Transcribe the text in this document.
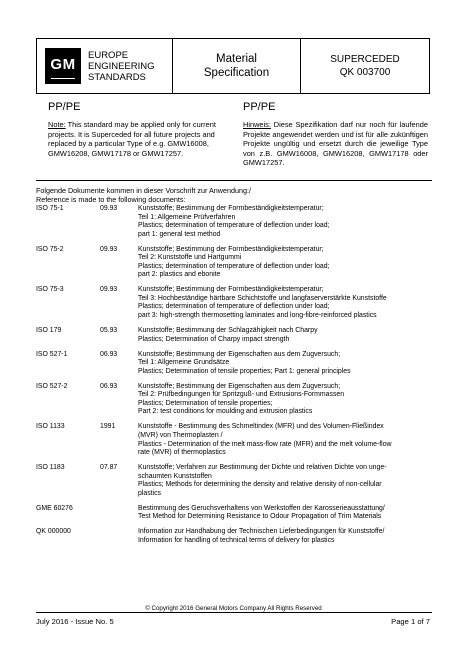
GM
EUROPE
ENGINEERING
STANDARDS
Material
Specification
SUPERCEDED
QK 003700
PP/PE	PP/PE
Note: This standard may be applied only for current projects. It is Superceded for all future projects and replaced by a particular Type of e.g. GMW16008, GMW16208, GMW17178 or GMW17257.
Hinweis: Diese Spezifikation darf nur noch für laufende Projekte angewendet werden und ist für alle zukünftigen Projekte ungültig und ersetzt durch die jeweilige Type von z.B. GMW16008, GMW16208, GMW17178 oder GMW17257.
Folgende Dokumente kommen in dieser Vorschrift zur Anwendung:/
Reference is made to the following documents:
ISO 75-1	09.93	Kunststoffe; Bestimmung der Formbeständigkeitstemperatur;
Teil 1: Allgemeine Prüfverfahren
Plastics; determination of temperature of deflection under load;
part 1: general test method
ISO 75-2	09.93	Kunststoffe; Bestimmung der Formbeständigkeitstemperatur;
Teil 2: Kunststoffe und Hartgummi
Plastics; determination of temperature of deflection under load;
part 2: plastics and ebonite
ISO 75-3	09.93	Kunststoffe; Bestimmung der Formbeständigkeitstemperatur;
Teil 3: Hochbeständige härtbare Schichtstoffe und langfaserverstärkte Kunststoffe
Plastics; determination of temperature of deflection under load;
part 3: high-strength thermosetting laminates and long-fibre-reinforced plastics
ISO 179	05.93	Kunststoffe; Bestimmung der Schlagzähigkeit nach Charpy
Plastics; Determination of Charpy impact strength
ISO 527-1	06.93	Kunststoffe; Bestimmung der Eigenschaften aus dem Zugversuch;
Teil 1: Allgemeine Grundsätze
Plastics; Determination of tensile properties; Part 1: general principles
ISO 527-2	06.93	Kunststoffe; Bestimmung der Eigenschaften aus dem Zugversuch;
Teil 2: Prüfbedingungen für Spritzguß- und Extrusions-Formmassen
Plastics; Determination of tensile properties;
Part 2: test conditions for moulding and extrusion plastics
ISO 1133	1991	Kunststoffe - Bestimmung des Schmeltindex (MFR) und des Volumen-Fließindex
(MVR) von Thermoplasten /
Plastics - Determination of the melt mass-flow rate (MFR) and the melt volume-flow
rate (MVR) of thermoplastics
ISO 1183	07.87	Kunststoffe; Verfahren zur Bestimmung der Dichte und relativen Dichte von unge-
schaumten Kunststoffen
Plastics; Methods for determining the density and relative density of non-cellular
plastics
GME 60276	Bestimmung des Geruchsverhaltens von Werkstoffen der Karosserieausstattung/
Test Method for Determining Resistance to Odour Propagation of Trim Materials
QK 000000	Information zur Handhabung der Technischen Lieferbedingungen für Kunststoffe/
Information for handling of technical terms of delivery for plastics
© Copyright 2016 General Motors Company All Rights Reserved
July 2016 - Issue No. 5	Page 1 of 7
